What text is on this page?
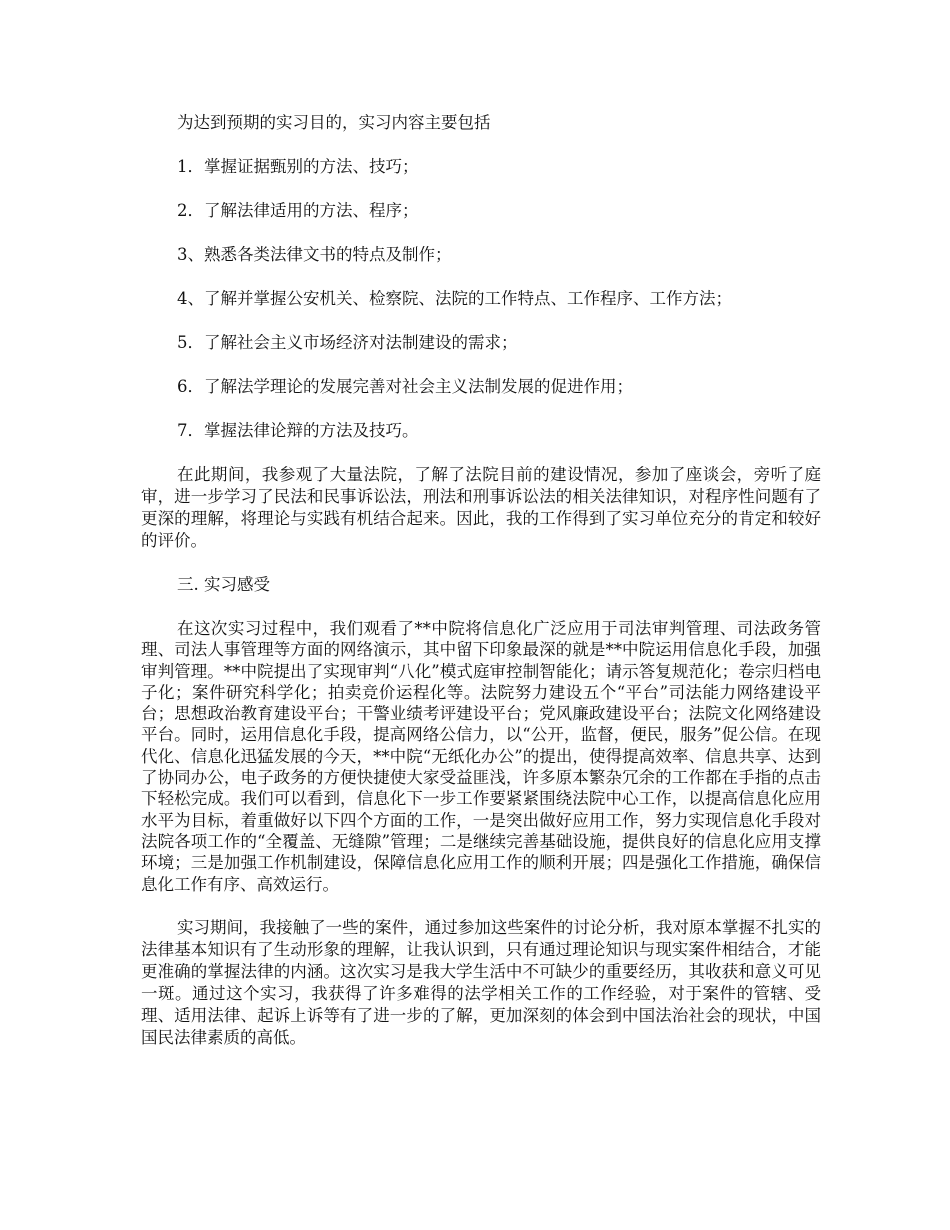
为达到预期的实习目的，实习内容主要包括

1．掌握证据甄别的方法、技巧；

2．了解法律适用的方法、程序；

3、熟悉各类法律文书的特点及制作；

4、了解并掌握公安机关、检察院、法院的工作特点、工作程序、工作方法；

5．了解社会主义市场经济对法制建设的需求；

6．了解法学理论的发展完善对社会主义法制发展的促进作用；

7．掌握法律论辩的方法及技巧。

在此期间，我参观了大量法院，了解了法院目前的建设情况，参加了座谈会，旁听了庭审，进一步学习了民法和民事诉讼法，刑法和刑事诉讼法的相关法律知识，对程序性问题有了更深的理解，将理论与实践有机结合起来。因此，我的工作得到了实习单位充分的肯定和较好的评价。

三. 实习感受

在这次实习过程中，我们观看了**中院将信息化广泛应用于司法审判管理、司法政务管理、司法人事管理等方面的网络演示，其中留下印象最深的就是**中院运用信息化手段，加强审判管理。**中院提出了实现审判“八化”模式庭审控制智能化；请示答复规范化；卷宗归档电子化；案件研究科学化；拍卖竞价运程化等。法院努力建设五个“平台”司法能力网络建设平台；思想政治教育建设平台；干警业绩考评建设平台；党风廉政建设平台；法院文化网络建设平台。同时，运用信息化手段，提高网络公信力，以“公开，监督，便民，服务”促公信。在现代化、信息化迅猛发展的今天，**中院“无纸化办公”的提出，使得提高效率、信息共享、达到了协同办公，电子政务的方便快捷使大家受益匪浅，许多原本繁杂冗余的工作都在手指的点击下轻松完成。我们可以看到，信息化下一步工作要紧紧围绕法院中心工作，以提高信息化应用水平为目标，着重做好以下四个方面的工作，一是突出做好应用工作，努力实现信息化手段对法院各项工作的“全覆盖、无缝隙”管理；二是继续完善基础设施，提供良好的信息化应用支撑环境；三是加强工作机制建设，保障信息化应用工作的顺利开展；四是强化工作措施，确保信息化工作有序、高效运行。

实习期间，我接触了一些的案件，通过参加这些案件的讨论分析，我对原本掌握不扎实的法律基本知识有了生动形象的理解，让我认识到，只有通过理论知识与现实案件相结合，才能更准确的掌握法律的内涵。这次实习是我大学生活中不可缺少的重要经历，其收获和意义可见一斑。通过这个实习，我获得了许多难得的法学相关工作的工作经验，对于案件的管辖、受理、适用法律、起诉上诉等有了进一步的了解，更加深刻的体会到中国法治社会的现状，中国国民法律素质的高低。
